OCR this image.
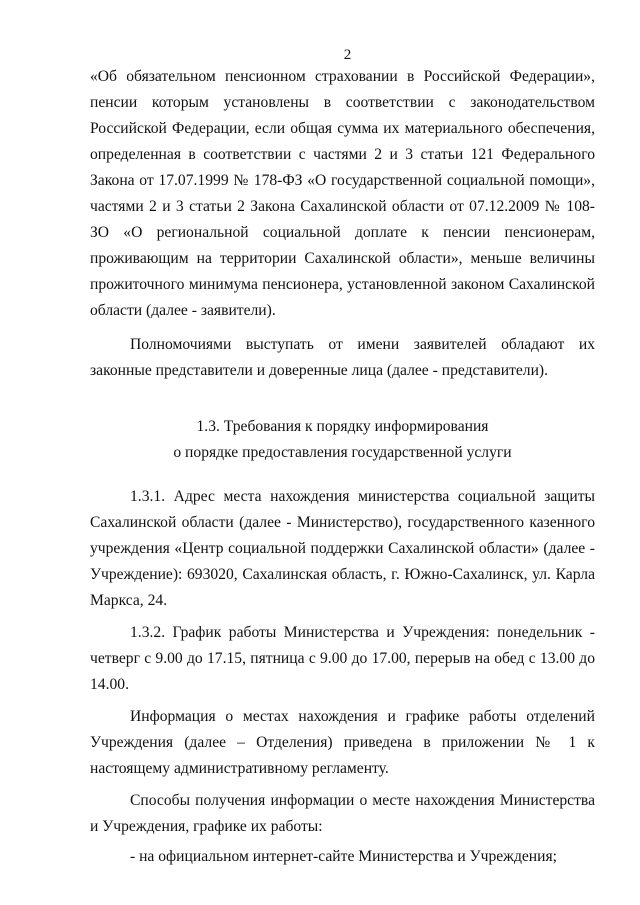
2

«Об обязательном пенсионном страховании в Российской Федерации», пенсии которым установлены в соответствии с законодательством Российской Федерации, если общая сумма их материального обеспечения, определенная в соответствии с частями 2 и 3 статьи 121 Федерального Закона от 17.07.1999 № 178-ФЗ «О государственной социальной помощи», частями 2 и 3 статьи 2 Закона Сахалинской области от 07.12.2009 № 108-ЗО «О региональной социальной доплате к пенсии пенсионерам, проживающим на территории Сахалинской области», меньше величины прожиточного минимума пенсионера, установленной законом Сахалинской области (далее - заявители).

Полномочиями выступать от имени заявителей обладают их законные представители и доверенные лица (далее - представители).

1.3. Требования к порядку информирования

о порядке предоставления государственной услуги

1.3.1. Адрес места нахождения министерства социальной защиты Сахалинской области (далее - Министерство), государственного казенного учреждения «Центр социальной поддержки Сахалинской области» (далее - Учреждение): 693020, Сахалинская область, г. Южно-Сахалинск, ул. Карла Маркса, 24.

1.3.2. График работы Министерства и Учреждения: понедельник - четверг с 9.00 до 17.15, пятница с 9.00 до 17.00, перерыв на обед с 13.00 до 14.00.

Информация о местах нахождения и графике работы отделений Учреждения (далее – Отделения) приведена в приложении № 1 к настоящему административному регламенту.

Способы получения информации о месте нахождения Министерства и Учреждения, графике их работы:

- на официальном интернет-сайте Министерства и Учреждения;
